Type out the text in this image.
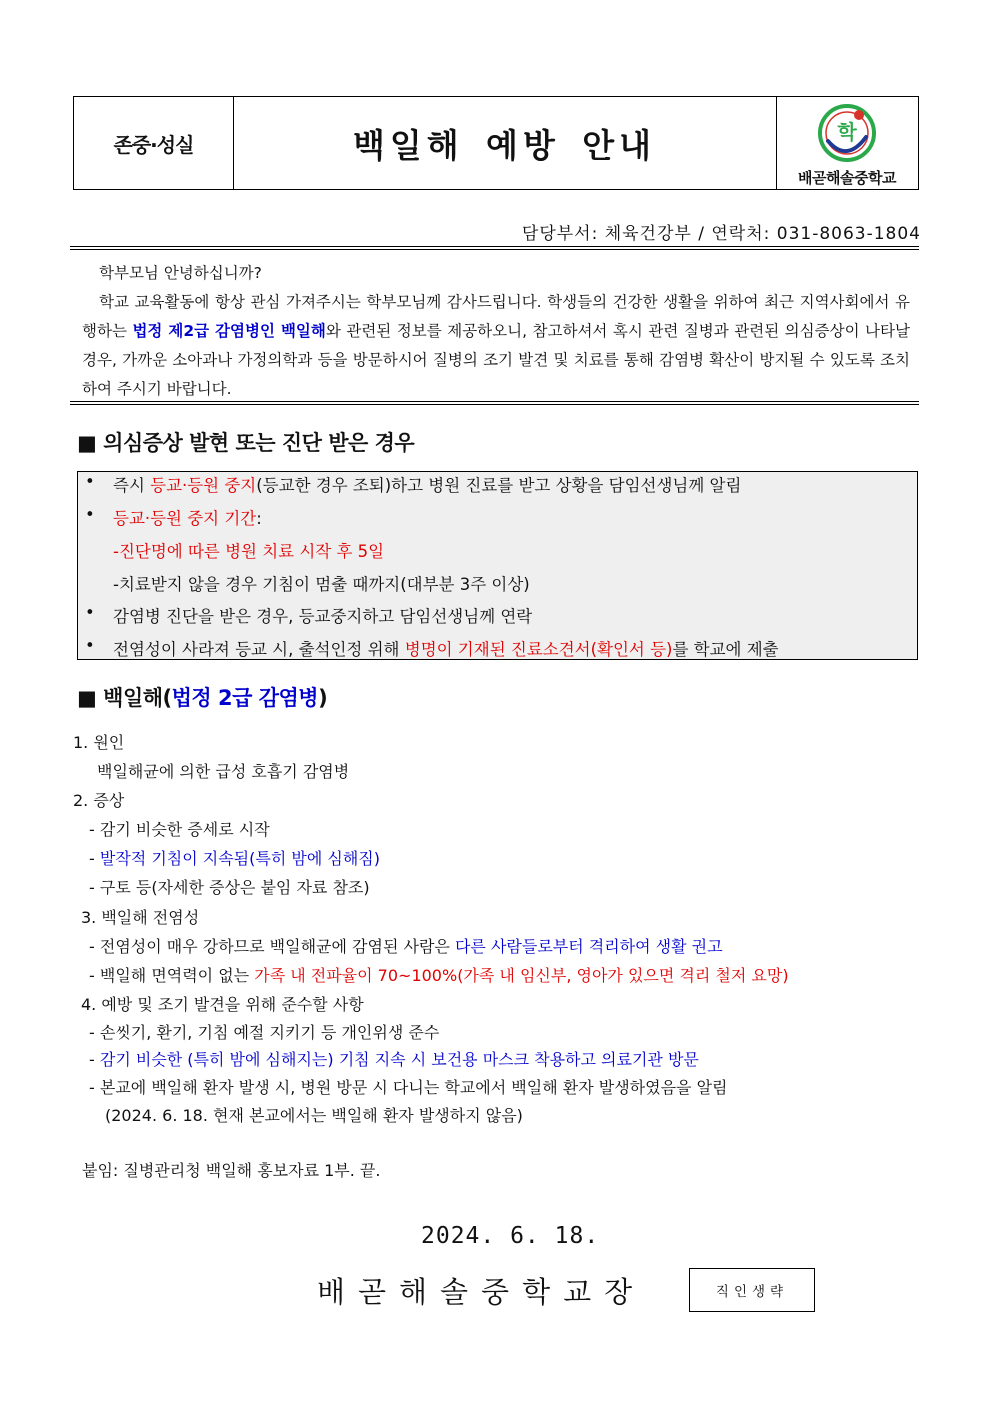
존중·성실	백일해 예방 안내	학
배곧해솔중학교
담당부서: 체육건강부 / 연락처: 031-8063-1804

학부모님 안녕하십니까?

학교 교육활동에 항상 관심 가져주시는 학부모님께 감사드립니다. 학생들의 건강한 생활을 위하여 최근 지역사회에서 유행하는 법정 제2급 감염병인 백일해와 관련된 정보를 제공하오니, 참고하셔서 혹시 관련 질병과 관련된 의심증상이 나타날 경우, 가까운 소아과나 가정의학과 등을 방문하시어 질병의 조기 발견 및 치료를 통해 감염병 확산이 방지될 수 있도록 조치하여 주시기 바랍니다.

■ 의심증상 발현 또는 진단 받은 경우
• 즉시 등교·등원 중지(등교한 경우 조퇴)하고 병원 진료를 받고 상황을 담임선생님께 알림
• 등교·등원 중지 기간:
-진단명에 따른 병원 치료 시작 후 5일
-치료받지 않을 경우 기침이 멈출 때까지(대부분 3주 이상)
• 감염병 진단을 받은 경우, 등교중지하고 담임선생님께 연락
• 전염성이 사라져 등교 시, 출석인정 위해 병명이 기재된 진료소견서(확인서 등)를 학교에 제출
■ 백일해(법정 2급 감염병)
1. 원인
백일해균에 의한 급성 호흡기 감염병
2. 증상
- 감기 비슷한 증세로 시작
- 발작적 기침이 지속됨(특히 밤에 심해짐)
- 구토 등(자세한 증상은 붙임 자료 참조)
3. 백일해 전염성
- 전염성이 매우 강하므로 백일해균에 감염된 사람은 다른 사람들로부터 격리하여 생활 권고
- 백일해 면역력이 없는 가족 내 전파율이 70~100%(가족 내 임신부, 영아가 있으면 격리 철저 요망)
4. 예방 및 조기 발견을 위해 준수할 사항
- 손씻기, 환기, 기침 예절 지키기 등 개인위생 준수
- 감기 비슷한 (특히 밤에 심해지는) 기침 지속 시 보건용 마스크 착용하고 의료기관 방문
- 본교에 백일해 환자 발생 시, 병원 방문 시 다니는 학교에서 백일해 환자 발생하였음을 알림
(2024. 6. 18. 현재 본교에서는 백일해 환자 발생하지 않음)
붙임: 질병관리청 백일해 홍보자료 1부. 끝.
2024. 6. 18.
배곧해솔중학교장	직인생략
